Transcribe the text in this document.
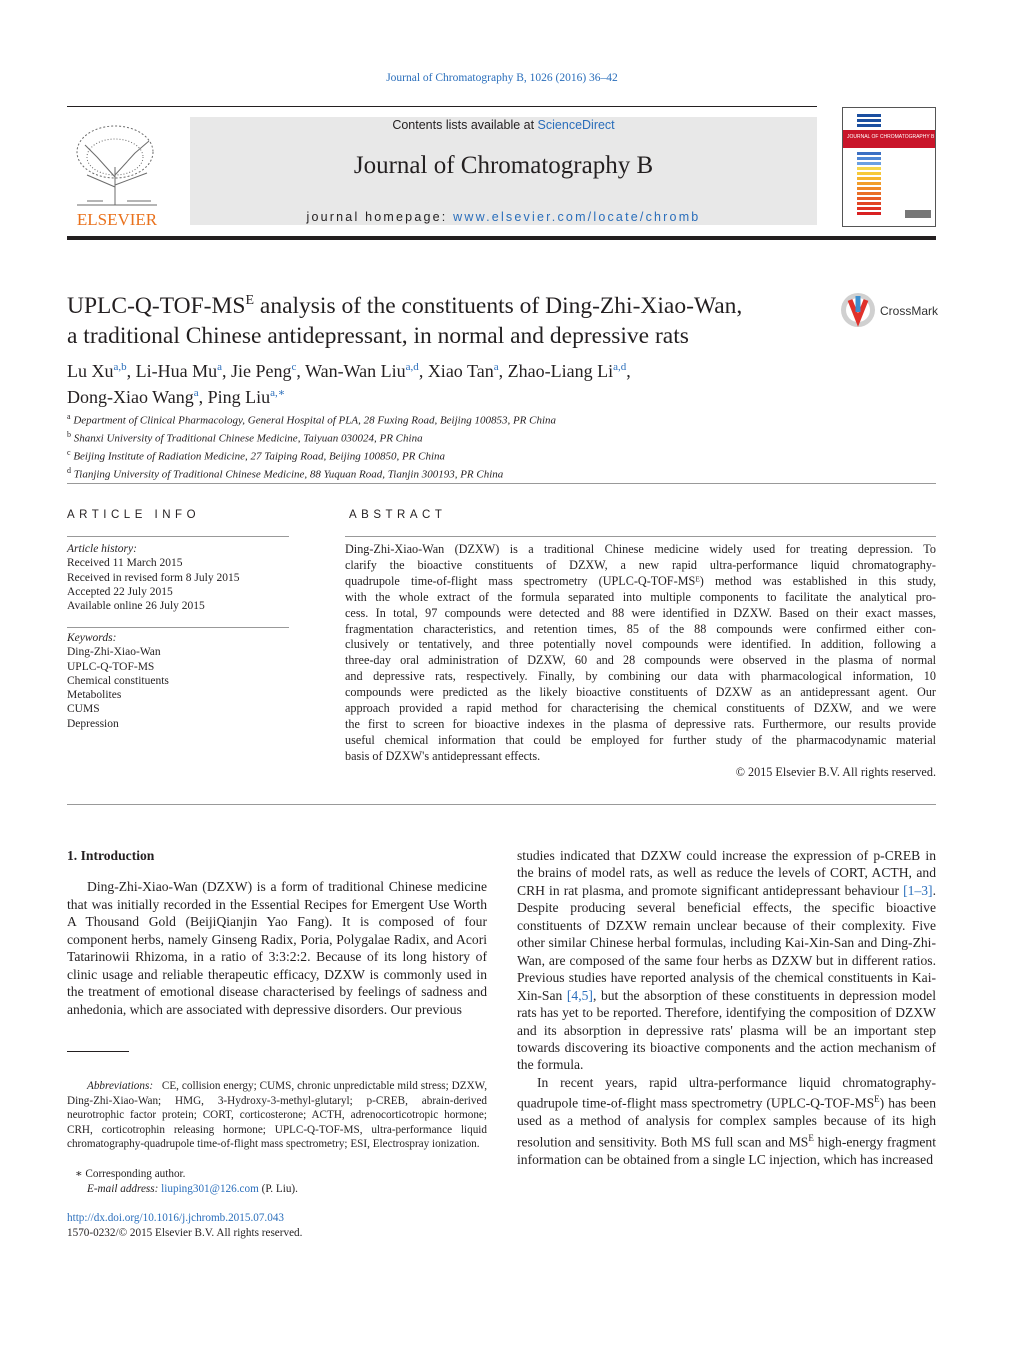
Journal of Chromatography B, 1026 (2016) 36–42
ELSEVIER
Contents lists available at ScienceDirect
Journal of Chromatography B
journal homepage: www.elsevier.com/locate/chromb
JOURNAL OF CHROMATOGRAPHY B
UPLC-$Q-TOF-MS^E$ analysis of the constituents of Ding-Zhi-Xiao-Wan,
a traditional Chinese antidepressant, in normal and depressive rats
CrossMark
Lu Xu$^{a,b}$, Li-Hua Mu$^a$, Jie Peng$^c$, Wan-Wan Liu$^{a,d}$, Xiao Tan$^a$, Zhao-Liang Li$^{a,d}$,
Dong-Xiao Wang$^a$, Ping Liu$^{a,∗}$
$^a$ Department of Clinical Pharmacology, General Hospital of PLA, 28 Fuxing Road, Beijing 100853, PR China
$^b$ Shanxi University of Traditional Chinese Medicine, Taiyuan 030024, PR China
$^c$ Beijing Institute of Radiation Medicine, 27 Taiping Road, Beijing 100850, PR China
$^d$ Tianjing University of Traditional Chinese Medicine, 88 Yuquan Road, Tianjin 300193, PR China
ARTICLE INFO
Article history:
Received 11 March 2015
Received in revised form 8 July 2015
Accepted 22 July 2015
Available online 26 July 2015
Keywords:
Ding-Zhi-Xiao-Wan
UPLC-Q-TOF-MS
Chemical constituents
Metabolites
CUMS
Depression
ABSTRACT
Ding-Zhi-Xiao-Wan (DZXW) is a traditional Chinese medicine widely used for treating depression. To
clarify the bioactive constituents of DZXW, a new rapid ultra-performance liquid chromatography-
quadrupole time-of-flight mass spectrometry (UPLC-Q-TOF-MSᴱ) method was established in this study,
with the whole extract of the formula separated into multiple components to facilitate the analytical pro-
cess. In total, 97 compounds were detected and 88 were identified in DZXW. Based on their exact masses,
fragmentation characteristics, and retention times, 85 of the 88 compounds were confirmed either con-
clusively or tentatively, and three potentially novel compounds were identified. In addition, following a
three-day oral administration of DZXW, 60 and 28 compounds were observed in the plasma of normal
and depressive rats, respectively. Finally, by combining our data with pharmacological information, 10
compounds were predicted as the likely bioactive constituents of DZXW as an antidepressant agent. Our
approach provided a rapid method for characterising the chemical constituents of DZXW, and we were
the first to screen for bioactive indexes in the plasma of depressive rats. Furthermore, our results provide
useful chemical information that could be employed for further study of the pharmacodynamic material
basis of DZXW's antidepressant effects.
© 2015 Elsevier B.V. All rights reserved.
1. Introduction

Ding-Zhi-Xiao-Wan (DZXW) is a form of traditional Chinese medicine that was initially recorded in the Essential Recipes for Emergent Use Worth A Thousand Gold (BeijiQianjin Yao Fang). It is composed of four component herbs, namely Ginseng Radix, Poria, Polygalae Radix, and Acori Tatarinowii Rhizoma, in a ratio of 3:3:2:2. Because of its long history of clinic usage and reliable therapeutic efficacy, DZXW is commonly used in the treatment of emotional disease characterised by feelings of sadness and anhedonia, which are associated with depressive disorders. Our previous

studies indicated that DZXW could increase the expression of p-CREB in the brains of model rats, as well as reduce the levels of CORT, ACTH, and CRH in rat plasma, and promote significant antidepressant behaviour [1–3]. Despite producing several beneficial effects, the specific bioactive constituents of DZXW remain unclear because of their complexity. Five other similar Chinese herbal formulas, including Kai-Xin-San and Ding-Zhi-Wan, are composed of the same four herbs as DZXW but in different ratios. Previous studies have reported analysis of the chemical constituents in Kai-Xin-San [4,5], but the absorption of these constituents in depression model rats has yet to be reported. Therefore, identifying the composition of DZXW and its absorption in depressive rats' plasma will be an important step towards discovering its bioactive components and the action mechanism of the formula.

In recent years, rapid ultra-performance liquid chromatography-quadrupole time-of-flight mass spectrometry $(UPLC-Q-TOF-MS^E)$ has been used as a method of analysis for complex samples because of its high resolution and sensitivity. Both MS full scan and $MS^E$ high-energy fragment information can be obtained from a single LC injection, which has increased

Abbreviations: CE, collision energy; CUMS, chronic unpredictable mild stress; DZXW, Ding-Zhi-Xiao-Wan; HMG, 3-Hydroxy-3-methyl-glutaryl; p-CREB, abrain-derived neurotrophic factor protein; CORT, corticosterone; ACTH, adrenocorticotropic hormone; CRH, corticotrophin releasing hormone; UPLC-Q-TOF-MS, ultra-performance liquid chromatography-quadrupole time-of-flight mass spectrometry; ESI, Electrospray ionization.
∗ Corresponding author.
E-mail address: liuping301@126.com (P. Liu).
http://dx.doi.org/10.1016/j.jchromb.2015.07.043
1570-0232/© 2015 Elsevier B.V. All rights reserved.
